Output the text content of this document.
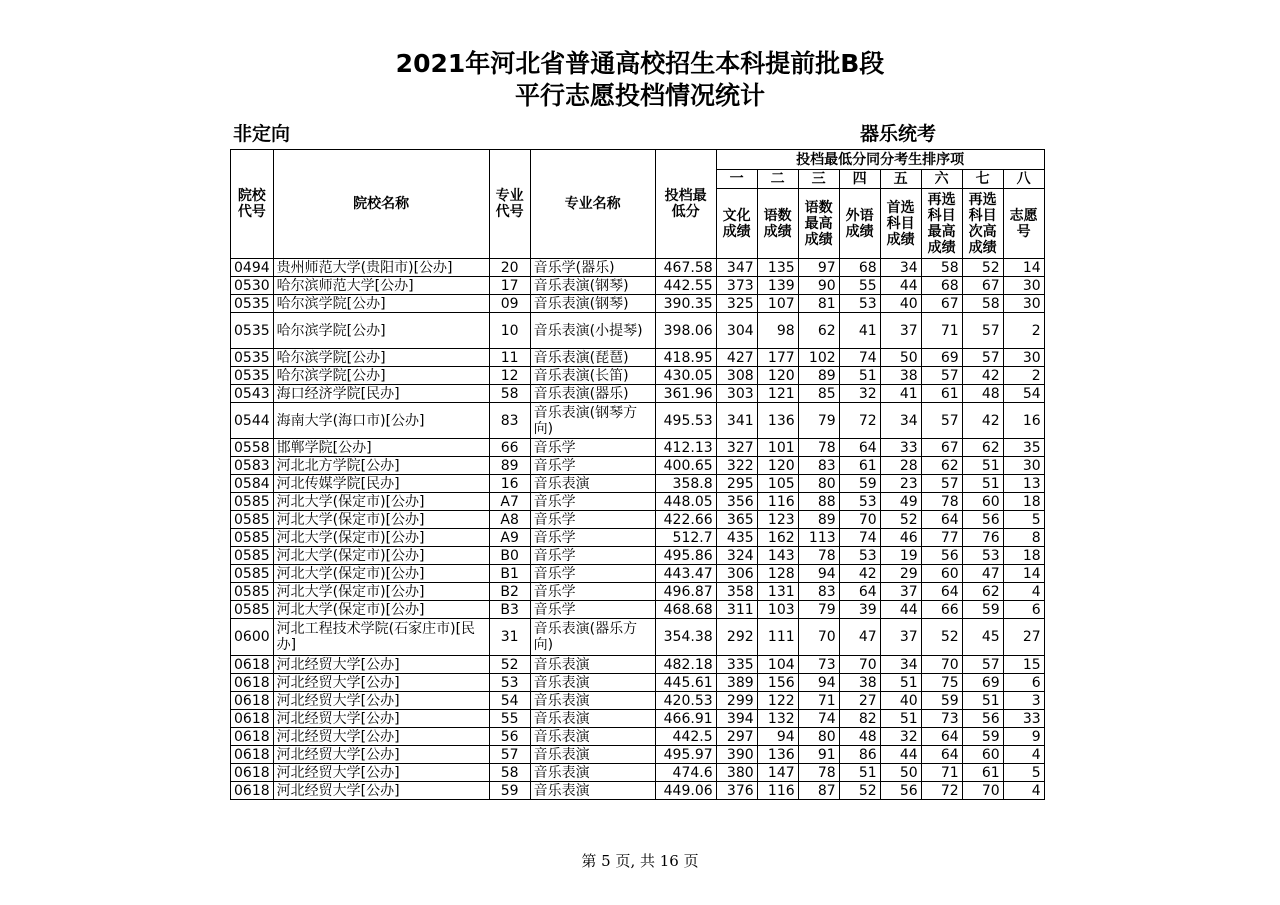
2021年河北省普通高校招生本科提前批B段
平行志愿投档情况统计
非定向	器乐统考
院校代号	院校名称	专业代号	专业名称	投档最低分	投档最低分同分考生排序项							
					一	二	三	四	五	六	七	八
					文化成绩	语数成绩	语数最高成绩	外语成绩	首选科目成绩	再选科目最高成绩	再选科目次高成绩	志愿号
0494	贵州师范大学(贵阳市)[公办]	20	音乐学(器乐)	467.58	347	135	97	68	34	58	52	14
0530	哈尔滨师范大学[公办]	17	音乐表演(钢琴)	442.55	373	139	90	55	44	68	67	30
0535	哈尔滨学院[公办]	09	音乐表演(钢琴)	390.35	325	107	81	53	40	67	58	30
0535	哈尔滨学院[公办]	10	音乐表演(小提琴)	398.06	304	98	62	41	37	71	57	2
0535	哈尔滨学院[公办]	11	音乐表演(琵琶)	418.95	427	177	102	74	50	69	57	30
0535	哈尔滨学院[公办]	12	音乐表演(长笛)	430.05	308	120	89	51	38	57	42	2
0543	海口经济学院[民办]	58	音乐表演(器乐)	361.96	303	121	85	32	41	61	48	54
0544	海南大学(海口市)[公办]	83	音乐表演(钢琴方向)	495.53	341	136	79	72	34	57	42	16
0558	邯郸学院[公办]	66	音乐学	412.13	327	101	78	64	33	67	62	35
0583	河北北方学院[公办]	89	音乐学	400.65	322	120	83	61	28	62	51	30
0584	河北传媒学院[民办]	16	音乐表演	358.8	295	105	80	59	23	57	51	13
0585	河北大学(保定市)[公办]	A7	音乐学	448.05	356	116	88	53	49	78	60	18
0585	河北大学(保定市)[公办]	A8	音乐学	422.66	365	123	89	70	52	64	56	5
0585	河北大学(保定市)[公办]	A9	音乐学	512.7	435	162	113	74	46	77	76	8
0585	河北大学(保定市)[公办]	B0	音乐学	495.86	324	143	78	53	19	56	53	18
0585	河北大学(保定市)[公办]	B1	音乐学	443.47	306	128	94	42	29	60	47	14
0585	河北大学(保定市)[公办]	B2	音乐学	496.87	358	131	83	64	37	64	62	4
0585	河北大学(保定市)[公办]	B3	音乐学	468.68	311	103	79	39	44	66	59	6
0600	河北工程技术学院(石家庄市)[民办]	31	音乐表演(器乐方向)	354.38	292	111	70	47	37	52	45	27
0618	河北经贸大学[公办]	52	音乐表演	482.18	335	104	73	70	34	70	57	15
0618	河北经贸大学[公办]	53	音乐表演	445.61	389	156	94	38	51	75	69	6
0618	河北经贸大学[公办]	54	音乐表演	420.53	299	122	71	27	40	59	51	3
0618	河北经贸大学[公办]	55	音乐表演	466.91	394	132	74	82	51	73	56	33
0618	河北经贸大学[公办]	56	音乐表演	442.5	297	94	80	48	32	64	59	9
0618	河北经贸大学[公办]	57	音乐表演	495.97	390	136	91	86	44	64	60	4
0618	河北经贸大学[公办]	58	音乐表演	474.6	380	147	78	51	50	71	61	5
0618	河北经贸大学[公办]	59	音乐表演	449.06	376	116	87	52	56	72	70	4
第 5 页, 共 16 页
